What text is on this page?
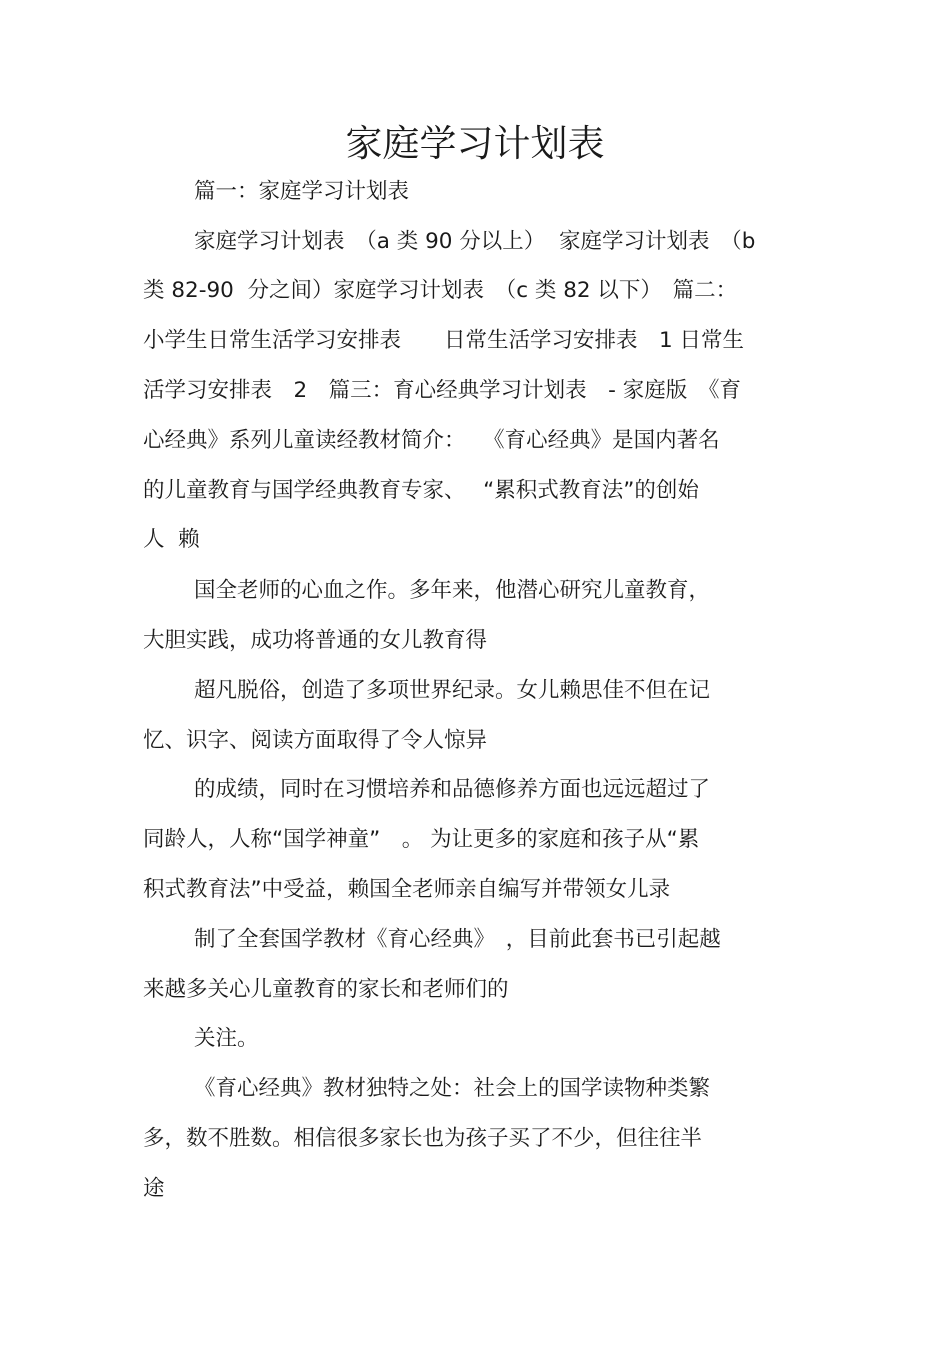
家庭学习计划表
篇一：家庭学习计划表
家庭学习计划表　（a 类 90 分以上）  家庭学习计划表　（b
类 82-90  分之间）家庭学习计划表　（c 类 82 以下）　篇二：
小学生日常生活学习安排表　　日常生活学习安排表　1 日常生
活学习安排表　2　篇三：育心经典学习计划表　- 家庭版　《育
心经典》系列儿童读经教材简介：　 《育心经典》是国内著名
的儿童教育与国学经典教育专家、　 “累积式教育法”的创始
人  赖
国全老师的心血之作。多年来，他潜心研究儿童教育，
大胆实践，成功将普通的女儿教育得
超凡脱俗，创造了多项世界纪录。女儿赖思佳不但在记
忆、识字、阅读方面取得了令人惊异
的成绩，同时在习惯培养和品德修养方面也远远超过了
同龄人，人称“国学神童”　。 为让更多的家庭和孩子从“累
积式教育法”中受益，赖国全老师亲自编写并带领女儿录
制了全套国学教材《育心经典》　，目前此套书已引起越
来越多关心儿童教育的家长和老师们的
关注。
《育心经典》教材独特之处：社会上的国学读物种类繁
多，数不胜数。相信很多家长也为孩子买了不少，但往往半
途
